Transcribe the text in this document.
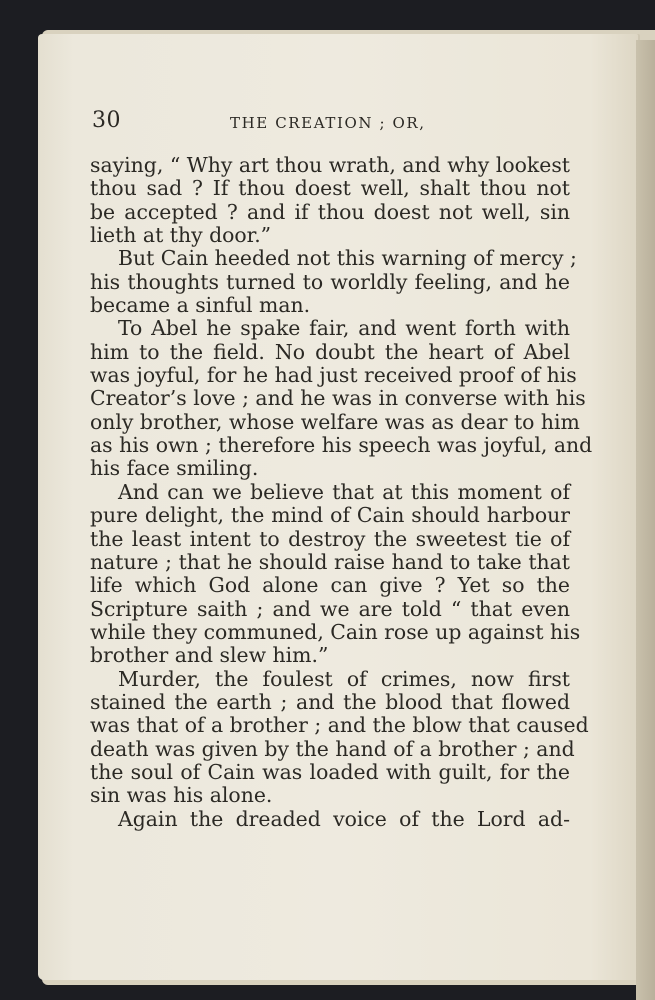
30	THE CREATION ; OR,
saying, “ Why art thou wrath, and why lookest
thou sad ? If thou doest well, shalt thou not
be accepted ? and if thou doest not well, sin
lieth at thy door.”
But Cain heeded not this warning of mercy ;
his thoughts turned to worldly feeling, and he
became a sinful man.
To Abel he spake fair, and went forth with
him to the field. No doubt the heart of Abel
was joyful, for he had just received proof of his
Creator’s love ; and he was in converse with his
only brother, whose welfare was as dear to him
as his own ; therefore his speech was joyful, and
his face smiling.
And can we believe that at this moment of
pure delight, the mind of Cain should harbour
the least intent to destroy the sweetest tie of
nature ; that he should raise hand to take that
life which God alone can give ? Yet so the
Scripture saith ; and we are told “ that even
while they communed, Cain rose up against his
brother and slew him.”
Murder, the foulest of crimes, now first
stained the earth ; and the blood that flowed
was that of a brother ; and the blow that caused
death was given by the hand of a brother ; and
the soul of Cain was loaded with guilt, for the
sin was his alone.
Again the dreaded voice of the Lord ad-
